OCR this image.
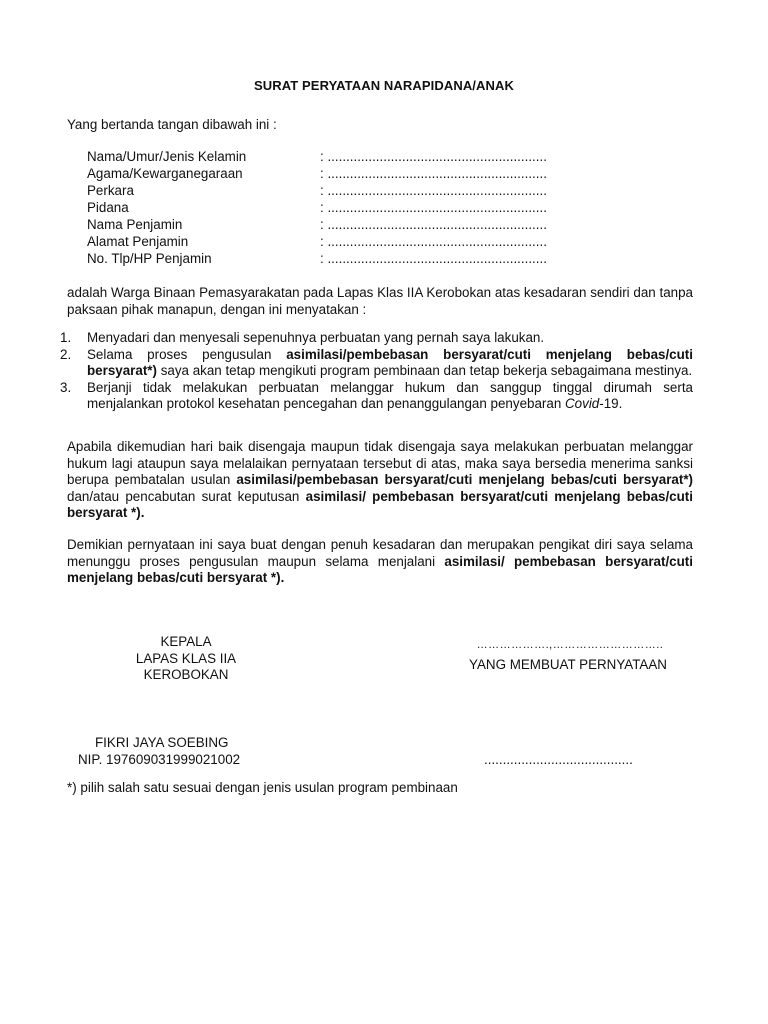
SURAT PERYATAAN NARAPIDANA/ANAK
Yang bertanda tangan dibawah ini :
Nama/Umur/Jenis Kelamin	: ...........................................................
Agama/Kewarganegaraan	: ...........................................................
Perkara	: ...........................................................
Pidana	: ...........................................................
Nama Penjamin	: ...........................................................
Alamat Penjamin	: ...........................................................
No. Tlp/HP Penjamin	: ...........................................................
adalah Warga Binaan Pemasyarakatan pada Lapas Klas IIA Kerobokan atas kesadaran sendiri dan tanpa paksaan pihak manapun, dengan ini menyatakan :
1.	Menyadari dan menyesali sepenuhnya perbuatan yang pernah saya lakukan.
2.	Selama proses pengusulan asimilasi/pembebasan bersyarat/cuti menjelang bebas/cuti bersyarat*) saya akan tetap mengikuti program pembinaan dan tetap bekerja sebagaimana mestinya.
3.	Berjanji tidak melakukan perbuatan melanggar hukum dan sanggup tinggal dirumah serta menjalankan protokol kesehatan pencegahan dan penanggulangan penyebaran Covid-19.
Apabila dikemudian hari baik disengaja maupun tidak disengaja saya melakukan perbuatan melanggar hukum lagi ataupun saya melalaikan pernyataan tersebut di atas, maka saya bersedia menerima sanksi berupa pembatalan usulan asimilasi/pembebasan bersyarat/cuti menjelang bebas/cuti bersyarat*) dan/atau pencabutan surat keputusan asimilasi/ pembebasan bersyarat/cuti menjelang bebas/cuti bersyarat *).
Demikian pernyataan ini saya buat dengan penuh kesadaran dan merupakan pengikat diri saya selama menunggu proses pengusulan maupun selama menjalani asimilasi/ pembebasan bersyarat/cuti menjelang bebas/cuti bersyarat *).
KEPALA
LAPAS KLAS IIA
KEROBOKAN
……………….,………………………..
YANG MEMBUAT PERNYATAAN
FIKRI JAYA SOEBING
NIP. 197609031999021002	........................................
*) pilih salah satu sesuai dengan jenis usulan program pembinaan
